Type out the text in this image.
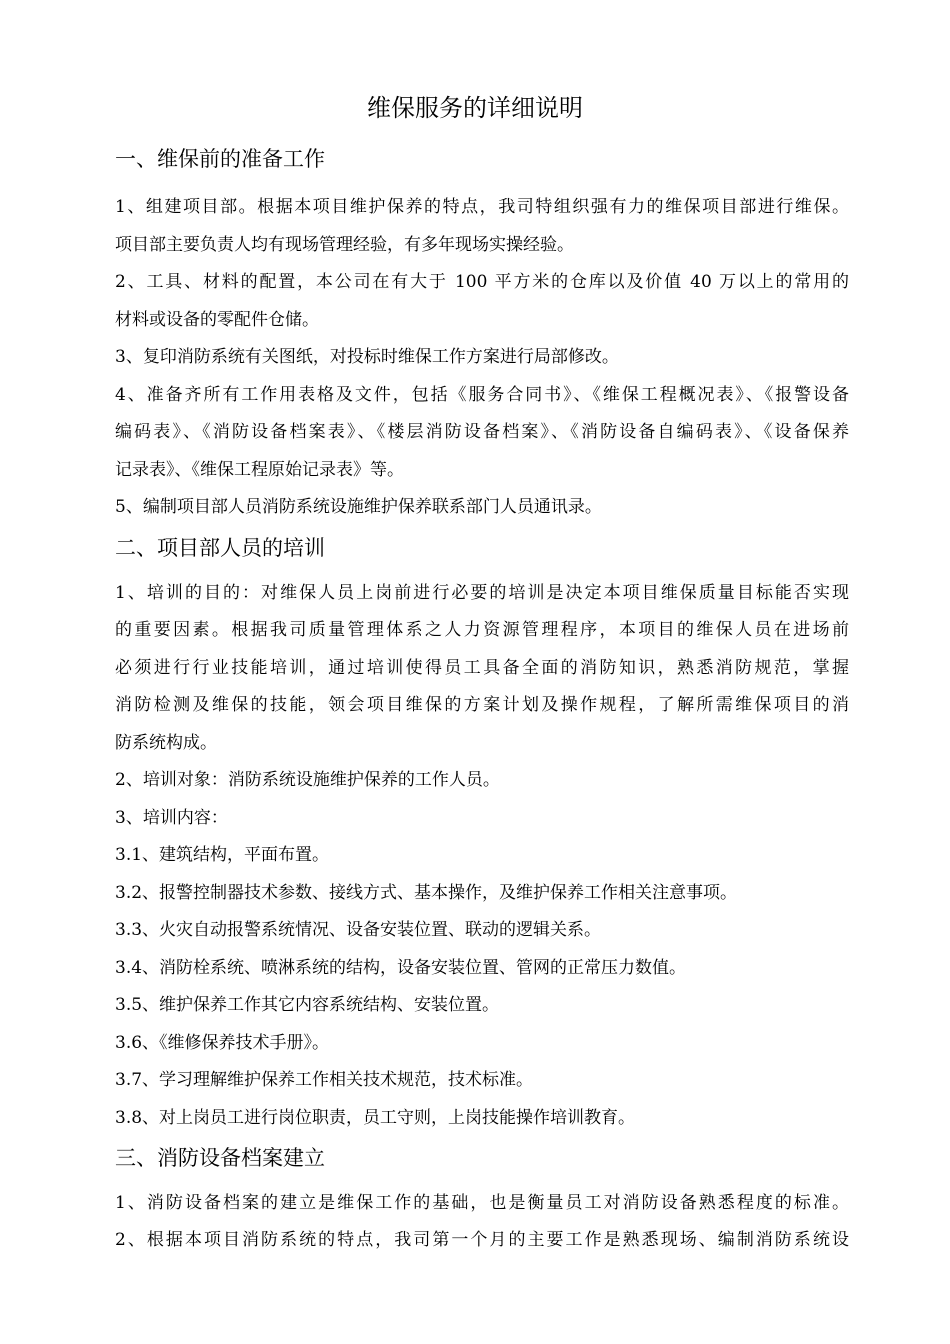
维保服务的详细说明
一、维保前的准备工作
1、组建项目部。根据本项目维护保养的特点，我司特组织强有力的维保项目部进行维保。
项目部主要负责人均有现场管理经验，有多年现场实操经验。
2、工具、材料的配置，本公司在有大于 100 平方米的仓库以及价值 40 万以上的常用的
材料或设备的零配件仓储。
3、复印消防系统有关图纸，对投标时维保工作方案进行局部修改。
4、准备齐所有工作用表格及文件，包括《服务合同书》、《维保工程概况表》、《报警设备
编码表》、《消防设备档案表》、《楼层消防设备档案》、《消防设备自编码表》、《设备保养
记录表》、《维保工程原始记录表》等。
5、编制项目部人员消防系统设施维护保养联系部门人员通讯录。
二、项目部人员的培训
1、培训的目的：对维保人员上岗前进行必要的培训是决定本项目维保质量目标能否实现
的重要因素。根据我司质量管理体系之人力资源管理程序，本项目的维保人员在进场前
必须进行行业技能培训，通过培训使得员工具备全面的消防知识，熟悉消防规范，掌握
消防检测及维保的技能，领会项目维保的方案计划及操作规程，了解所需维保项目的消
防系统构成。
2、培训对象：消防系统设施维护保养的工作人员。
3、培训内容：
3.1、建筑结构，平面布置。
3.2、报警控制器技术参数、接线方式、基本操作，及维护保养工作相关注意事项。
3.3、火灾自动报警系统情况、设备安装位置、联动的逻辑关系。
3.4、消防栓系统、喷淋系统的结构，设备安装位置、管网的正常压力数值。
3.5、维护保养工作其它内容系统结构、安装位置。
3.6、《维修保养技术手册》。
3.7、学习理解维护保养工作相关技术规范，技术标准。
3.8、对上岗员工进行岗位职责，员工守则，上岗技能操作培训教育。
三、消防设备档案建立
1、消防设备档案的建立是维保工作的基础，也是衡量员工对消防设备熟悉程度的标准。
2、根据本项目消防系统的特点，我司第一个月的主要工作是熟悉现场、编制消防系统设
